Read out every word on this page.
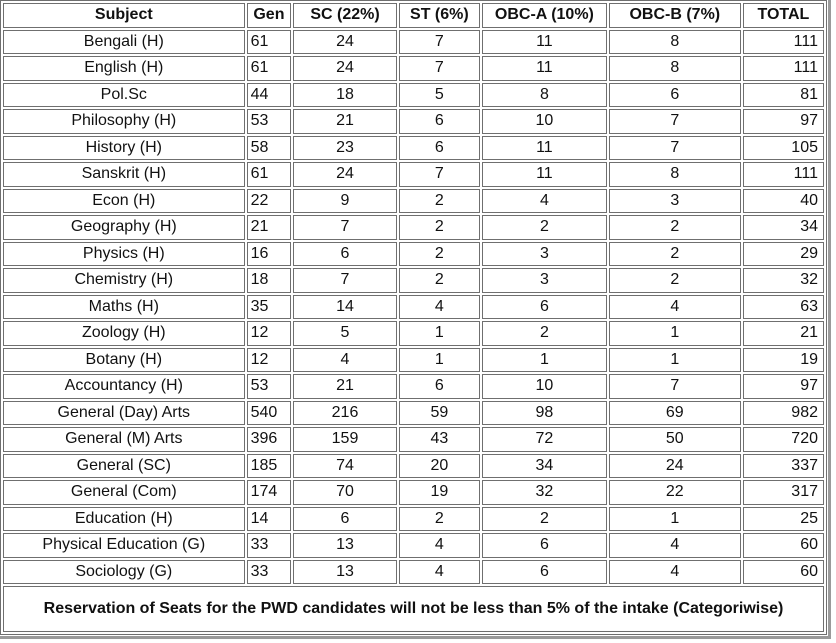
Subject	Gen	SC (22%)	ST (6%)	OBC-A (10%)	OBC-B (7%)	TOTAL
Bengali (H)	61	24	7	11	8	111
English (H)	61	24	7	11	8	111
Pol.Sc	44	18	5	8	6	81
Philosophy (H)	53	21	6	10	7	97
History (H)	58	23	6	11	7	105
Sanskrit (H)	61	24	7	11	8	111
Econ (H)	22	9	2	4	3	40
Geography (H)	21	7	2	2	2	34
Physics (H)	16	6	2	3	2	29
Chemistry (H)	18	7	2	3	2	32
Maths (H)	35	14	4	6	4	63
Zoology (H)	12	5	1	2	1	21
Botany (H)	12	4	1	1	1	19
Accountancy (H)	53	21	6	10	7	97
General (Day) Arts	540	216	59	98	69	982
General (M) Arts	396	159	43	72	50	720
General (SC)	185	74	20	34	24	337
General (Com)	174	70	19	32	22	317
Education (H)	14	6	2	2	1	25
Physical Education (G)	33	13	4	6	4	60
Sociology (G)	33	13	4	6	4	60
Reservation of Seats for the PWD candidates will not be less than 5% of the intake (Categoriwise)						
